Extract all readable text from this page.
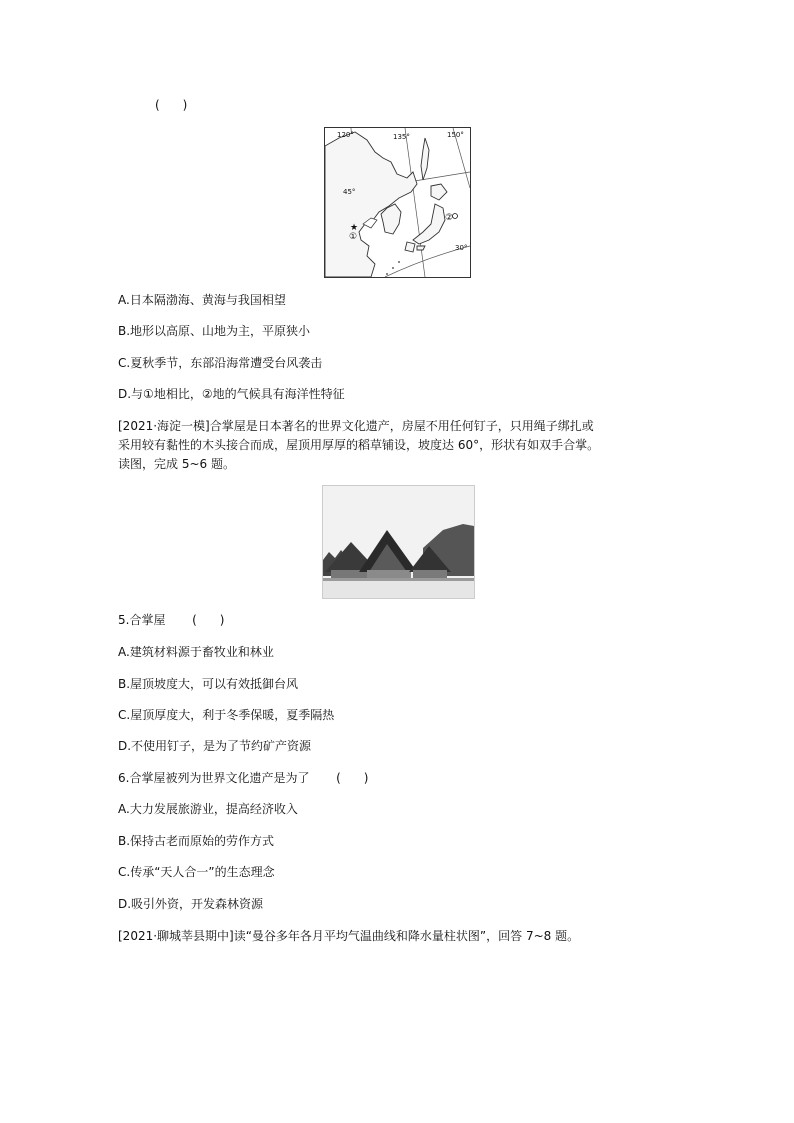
(      )
★
120°	135°	150°
45°
30°
①
②
A.日本隔渤海、黄海与我国相望
B.地形以高原、山地为主，平原狭小
C.夏秋季节，东部沿海常遭受台风袭击
D.与①地相比，②地的气候具有海洋性特征
[2021·海淀一模]合掌屋是日本著名的世界文化遗产，房屋不用任何钉子，只用绳子绑扎或
采用较有黏性的木头接合而成，屋顶用厚厚的稻草铺设，坡度达 60°，形状有如双手合掌。
读图，完成 5~6 题。
5.合掌屋       (      )
A.建筑材料源于畜牧业和林业
B.屋顶坡度大，可以有效抵御台风
C.屋顶厚度大，利于冬季保暖，夏季隔热
D.不使用钉子，是为了节约矿产资源
6.合掌屋被列为世界文化遗产是为了       (      )
A.大力发展旅游业，提高经济收入
B.保持古老而原始的劳作方式
C.传承“天人合一”的生态理念
D.吸引外资，开发森林资源
[2021·聊城莘县期中]读“曼谷多年各月平均气温曲线和降水量柱状图”，回答 7~8 题。
